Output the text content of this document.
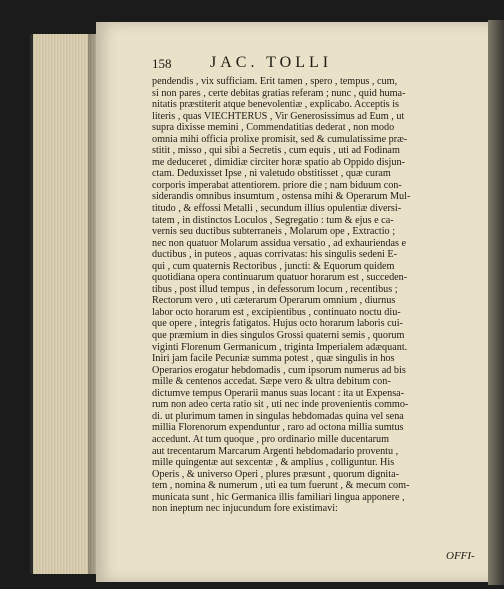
158 JAC. TOLLI
pendendis , vix sufficiam. Erit tamen , spero , tempus , cum,
si non pares , certe debitas gratias referam ; nunc , quid huma-
nitatis præstiterit atque benevolentiæ , explicabo. Acceptis is
literis , quas VIECHTERUS , Vir Generosissimus ad Eum , ut
supra dixisse memini , Commendatitias dederat , non modo
omnia mihi officia prolixe promisit, sed & cumulatissime præ-
stitit , misso , qui sibi a Secretis , cum equis , uti ad Fodinam
me deduceret , dimidiæ circiter horæ spatio ab Oppido disjun-
ctam. Deduxisset Ipse , ni valetudo obstitisset , quæ curam
corporis imperabat attentiorem. priore die ; nam biduum con-
siderandis omnibus insumtum , ostensa mihi & Operarum Mul-
titudo , & effossi Metalli , secundum illius opulentiæ diversi-
tatem , in distinctos Loculos , Segregatio : tum & ejus e ca-
vernis seu ductibus subterraneis , Molarum ope , Extractio ;
nec non quatuor Molarum assidua versatio , ad exhauriendas e
ductibus , in puteos , aquas corrivatas: his singulis sedeni E-
qui , cum quaternis Rectoribus , juncti: & Equorum quidem
quotidiana opera continuarum quatuor horarum est , succeden-
tibus , post illud tempus , in defessorum locum , recentibus ;
Rectorum vero , uti cæterarum Operarum omnium , diurnus
labor octo horarum est , excipientibus , continuato noctu diu-
que opere , integris fatigatos. Hujus octo horarum laboris cui-
que præmium in dies singulos Grossi quaterni semis , quorum
viginti Florenum Germanicum , triginta Imperialem adæquant.
Iniri jam facile Pecuniæ summa potest , quæ singulis in hos
Operarios erogatur hebdomadis , cum ipsorum numerus ad bis
mille & centenos accedat. Sæpe vero & ultra debitum con-
dictumve tempus Operarii manus suas locant : ita ut Expensa-
rum non adeo certa ratio sit , uti nec inde provenientis commo-
di. ut plurimum tamen in singulas hebdomadas quina vel sena
millia Florenorum expenduntur , raro ad octona millia sumtus
accedunt. At tum quoque , pro ordinario mille ducentarum
aut trecentarum Marcarum Argenti hebdomadario proventu ,
mille quingentæ aut sexcentæ , & amplius , colliguntur. His
Operis , & universo Operi , plures præsunt , quorum dignita-
tem , nomina & numerum , uti ea tum fuerunt , & mecum com-
municata sunt , hic Germanica illis familiari lingua apponere ,
non ineptum nec injucundum fore existimavi:
OFFI-
